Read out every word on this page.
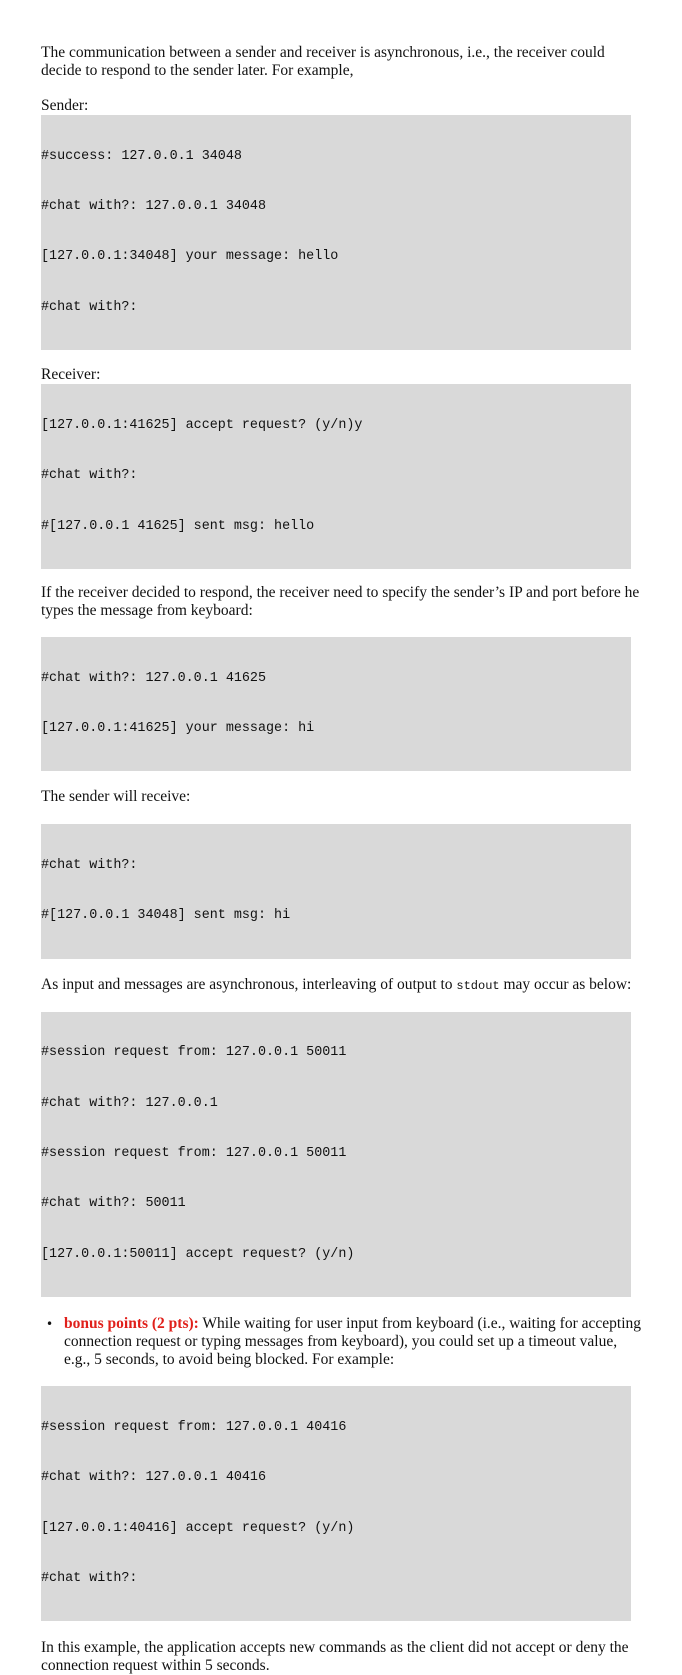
The communication between a sender and receiver is asynchronous, i.e., the receiver could decide to respond to the sender later. For example,

Sender:

#success: 127.0.0.1 34048

#chat with?: 127.0.0.1 34048

[127.0.0.1:34048] your message: hello

#chat with?:

Receiver:

[127.0.0.1:41625] accept request? (y/n)y

#chat with?:

#[127.0.0.1 41625] sent msg: hello

If the receiver decided to respond, the receiver need to specify the sender’s IP and port before he types the message from keyboard:

#chat with?: 127.0.0.1 41625

[127.0.0.1:41625] your message: hi

The sender will receive:

#chat with?:

#[127.0.0.1 34048] sent msg: hi

As input and messages are asynchronous, interleaving of output to stdout may occur as below:

#session request from: 127.0.0.1 50011

#chat with?: 127.0.0.1

#session request from: 127.0.0.1 50011

#chat with?: 50011

[127.0.0.1:50011] accept request? (y/n)

• bonus points (2 pts): While waiting for user input from keyboard (i.e., waiting for accepting connection request or typing messages from keyboard), you could set up a timeout value, e.g., 5 seconds, to avoid being blocked. For example:

#session request from: 127.0.0.1 40416

#chat with?: 127.0.0.1 40416

[127.0.0.1:40416] accept request? (y/n)

#chat with?:

In this example, the application accepts new commands as the client did not accept or deny the connection request within 5 seconds.
